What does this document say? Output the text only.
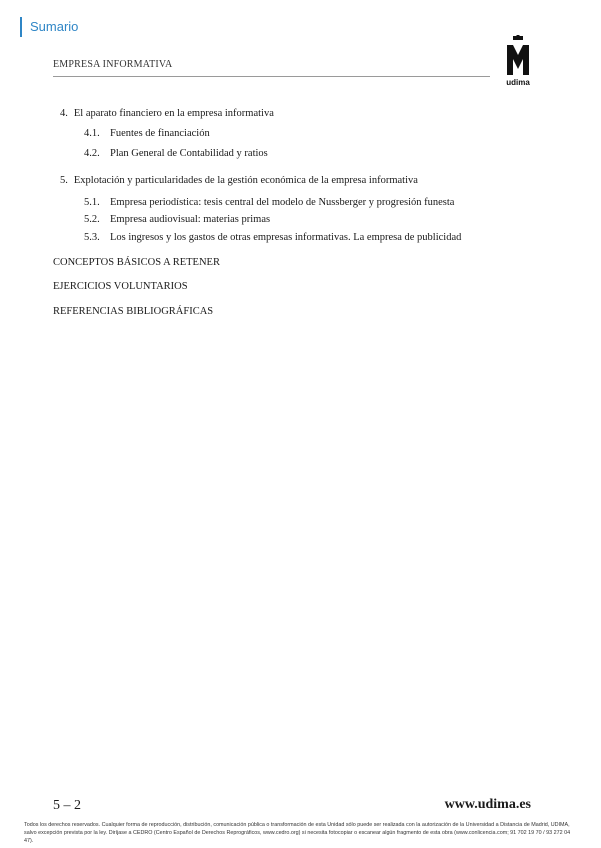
Sumario
EMPRESA INFORMATIVA
udima
4. El aparato financiero en la empresa informativa
4.1. Fuentes de financiación
4.2. Plan General de Contabilidad y ratios
5. Explotación y particularidades de la gestión económica de la empresa informativa
5.1. Empresa periodística: tesis central del modelo de Nussberger y progresión funesta
5.2. Empresa audiovisual: materias primas
5.3. Los ingresos y los gastos de otras empresas informativas. La empresa de publicidad
CONCEPTOS BÁSICOS A RETENER
EJERCICIOS VOLUNTARIOS
REFERENCIAS BIBLIOGRÁFICAS
5 – 2	www.udima.es
Todos los derechos reservados. Cualquier forma de reproducción, distribución, comunicación pública o transformación de esta Unidad sólo puede ser realizada con la autorización de la Universidad a Distancia de Madrid, UDIMA, salvo excepción prevista por la ley. Diríjase a CEDRO (Centro Español de Derechos Reprográficos, www.cedro.org) si necesita fotocopiar o escanear algún fragmento de esta obra (www.conlicencia.com; 91 702 19 70 / 93 272 04 47).
